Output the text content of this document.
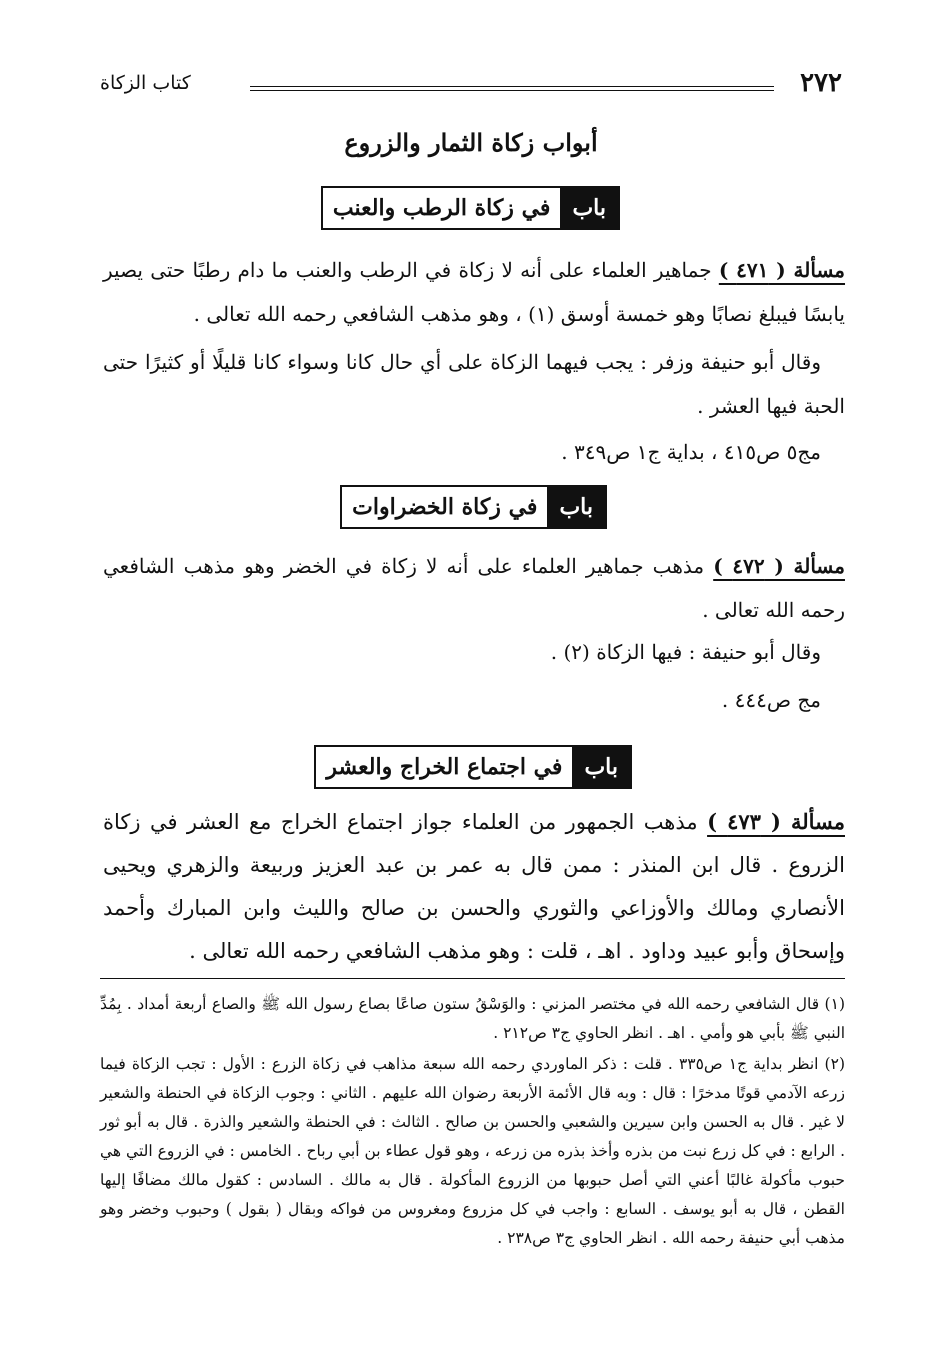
٢٧٢
كتاب الزكاة
أبواب زكاة الثمار والزروع
باب
في زكاة الرطب والعنب

مسألة ( ٤٧١ ) جماهير العلماء على أنه لا زكاة في الرطب والعنب ما دام رطبًا حتى يصير يابسًا فيبلغ نصابًا وهو خمسة أوسق (١) ، وهو مذهب الشافعي رحمه الله تعالى .

وقال أبو حنيفة وزفر : يجب فيهما الزكاة على أي حال كانا وسواء كانا قليلًا أو كثيرًا حتى الحبة فيها العشر .

مج٥ ص٤١٥ ، بداية ج١ ص٣٤٩ .

باب
في زكاة الخضراوات

مسألة ( ٤٧٢ ) مذهب جماهير العلماء على أنه لا زكاة في الخضر وهو مذهب الشافعي رحمه الله تعالى .

وقال أبو حنيفة : فيها الزكاة (٢) .

مج ص٤٤٤ .

باب
في اجتماع الخراج والعشر

مسألة ( ٤٧٣ ) مذهب الجمهور من العلماء جواز اجتماع الخراج مع العشر في زكاة الزروع . قال ابن المنذر : ممن قال به عمر بن عبد العزيز وربيعة والزهري ويحيى الأنصاري ومالك والأوزاعي والثوري والحسن بن صالح والليث وابن المبارك وأحمد وإسحاق وأبو عبيد وداود . اهـ ، قلت : وهو مذهب الشافعي رحمه الله تعالى .

(١) قال الشافعي رحمه الله في مختصر المزني : والوَسْقُ ستون صاعًا بصاع رسول الله ﷺ والصاع أربعة أمداد . بِمُدِّ النبي ﷺ بأبي هو وأمي . اهـ . انظر الحاوي ج٣ ص٢١٢ .

(٢) انظر بداية ج١ ص٣٣٥ . قلت : ذكر الماوردي رحمه الله سبعة مذاهب في زكاة الزرع : الأول : تجب الزكاة فيما زرعه الآدمي قوتًا مدخرًا : قال : وبه قال الأئمة الأربعة رضوان الله عليهم . الثاني : وجوب الزكاة في الحنطة والشعير لا غير . قال به الحسن وابن سيرين والشعبي والحسن بن صالح . الثالث : في الحنطة والشعير والذرة . قال به أبو ثور . الرابع : في كل زرع نبت من بذره وأخذ بذره من زرعه ، وهو قول عطاء بن أبي رباح . الخامس : في الزروع التي هي حبوب مأكولة غالبًا أعني التي أصل حبوبها من الزروع المأكولة . قال به مالك . السادس : كقول مالك مضافًا إليها القطن ، قال به أبو يوسف . السابع : واجب في كل مزروع ومغروس من فواكه وبقال ( بقول ) وحبوب وخضر وهو مذهب أبي حنيفة رحمه الله . انظر الحاوي ج٣ ص٢٣٨ .
